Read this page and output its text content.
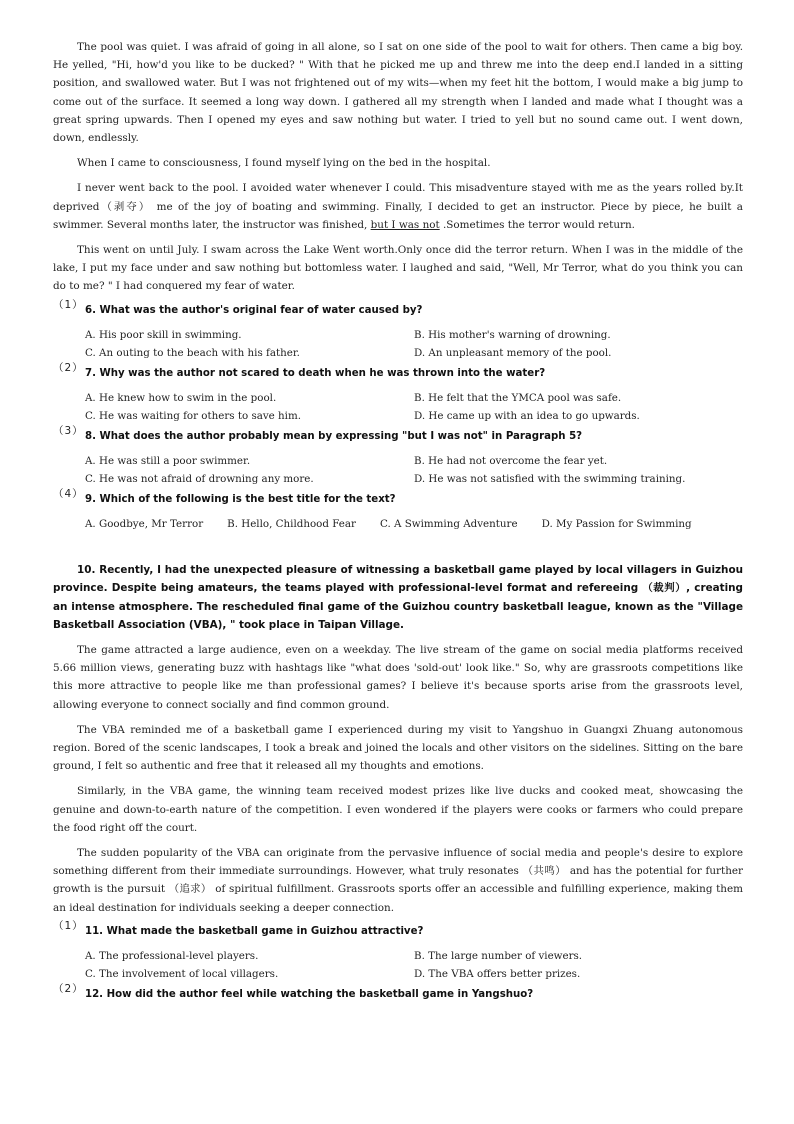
The pool was quiet. I was afraid of going in all alone, so I sat on one side of the pool to wait for others. Then came a big boy. He yelled, "Hi, how'd you like to be ducked? " With that he picked me up and threw me into the deep end.I landed in a sitting position, and swallowed water. But I was not frightened out of my wits—when my feet hit the bottom, I would make a big jump to come out of the surface. It seemed a long way down. I gathered all my strength when I landed and made what I thought was a great spring upwards. Then I opened my eyes and saw nothing but water. I tried to yell but no sound came out. I went down, down, endlessly.

When I came to consciousness, I found myself lying on the bed in the hospital.

I never went back to the pool. I avoided water whenever I could. This misadventure stayed with me as the years rolled by.It deprived（剥夺） me of the joy of boating and swimming. Finally, I decided to get an instructor. Piece by piece, he built a swimmer. Several months later, the instructor was finished, but I was not .Sometimes the terror would return.

This went on until July. I swam across the Lake Went worth.Only once did the terror return. When I was in the middle of the lake, I put my face under and saw nothing but bottomless water. I laughed and said, "Well, Mr Terror, what do you think you can do to me? " I had conquered my fear of water.

（1） 6. What was the author's original fear of water caused by?

A. His poor skill in swimming.	B. His mother's warning of drowning.
C. An outing to the beach with his father.	D. An unpleasant memory of the pool.
（2） 7. Why was the author not scared to death when he was thrown into the water?

A. He knew how to swim in the pool.	B. He felt that the YMCA pool was safe.
C. He was waiting for others to save him.	D. He came up with an idea to go upwards.
（3） 8. What does the author probably mean by expressing "but I was not" in Paragraph 5?

A. He was still a poor swimmer.	B. He had not overcome the fear yet.
C. He was not afraid of drowning any more.	D. He was not satisfied with the swimming training.
（4） 9. Which of the following is the best title for the text?

A. Goodbye, Mr Terror B. Hello, Childhood Fear C. A Swimming Adventure D. My Passion for Swimming

10. Recently, I had the unexpected pleasure of witnessing a basketball game played by local villagers in Guizhou province. Despite being amateurs, the teams played with professional-level format and refereeing （裁判）, creating an intense atmosphere. The rescheduled final game of the Guizhou country basketball league, known as the "Village Basketball Association (VBA), " took place in Taipan Village.

The game attracted a large audience, even on a weekday. The live stream of the game on social media platforms received 5.66 million views, generating buzz with hashtags like "what does 'sold-out' look like." So, why are grassroots competitions like this more attractive to people like me than professional games? I believe it's because sports arise from the grassroots level, allowing everyone to connect socially and find common ground.

The VBA reminded me of a basketball game I experienced during my visit to Yangshuo in Guangxi Zhuang autonomous region. Bored of the scenic landscapes, I took a break and joined the locals and other visitors on the sidelines. Sitting on the bare ground, I felt so authentic and free that it released all my thoughts and emotions.

Similarly, in the VBA game, the winning team received modest prizes like live ducks and cooked meat, showcasing the genuine and down-to-earth nature of the competition. I even wondered if the players were cooks or farmers who could prepare the food right off the court.

The sudden popularity of the VBA can originate from the pervasive influence of social media and people's desire to explore something different from their immediate surroundings. However, what truly resonates （共鸣） and has the potential for further growth is the pursuit （追求） of spiritual fulfillment. Grassroots sports offer an accessible and fulfilling experience, making them an ideal destination for individuals seeking a deeper connection.

（1） 11. What made the basketball game in Guizhou attractive?

A. The professional-level players.	B. The large number of viewers.
C. The involvement of local villagers.	D. The VBA offers better prizes.
（2） 12. How did the author feel while watching the basketball game in Yangshuo?
